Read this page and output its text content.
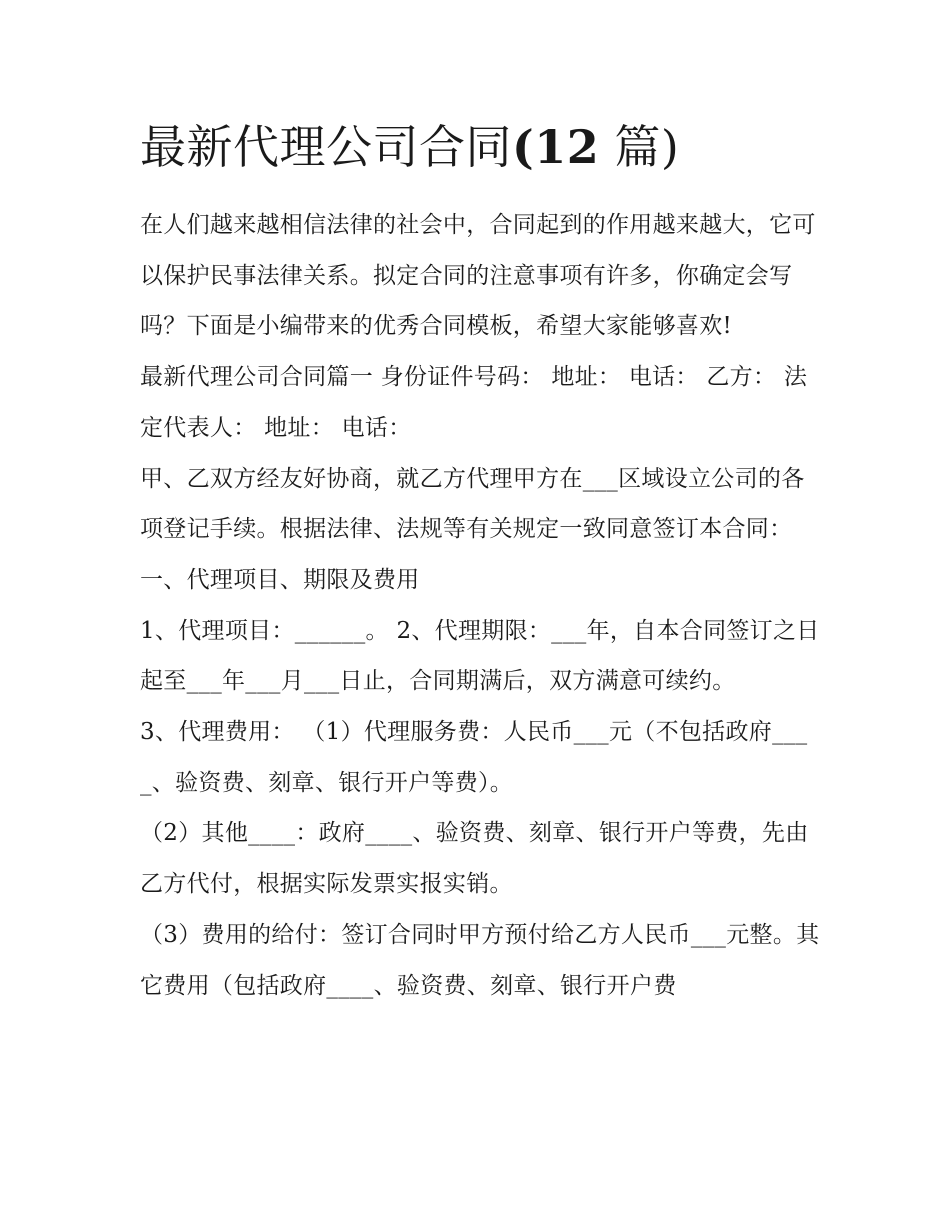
最新代理公司合同(12 篇)

在人们越来越相信法律的社会中，合同起到的作用越来越大，它可以保护民事法律关系。拟定合同的注意事项有许多，你确定会写吗？下面是小编带来的优秀合同模板，希望大家能够喜欢!

最新代理公司合同篇一 身份证件号码： 地址： 电话： 乙方： 法定代表人： 地址： 电话：

甲、乙双方经友好协商，就乙方代理甲方在___区域设立公司的各项登记手续。根据法律、法规等有关规定一致同意签订本合同： 一、代理项目、期限及费用

1、代理项目：______。 2、代理期限：___年，自本合同签订之日起至___年___月___日止，合同期满后，双方满意可续约。

3、代理费用： （1）代理服务费：人民币___元（不包括政府____、验资费、刻章、银行开户等费）。

（2）其他____：政府____、验资费、刻章、银行开户等费，先由乙方代付，根据实际发票实报实销。

（3）费用的给付：签订合同时甲方预付给乙方人民币___元整。其它费用（包括政府____、验资费、刻章、银行开户费
